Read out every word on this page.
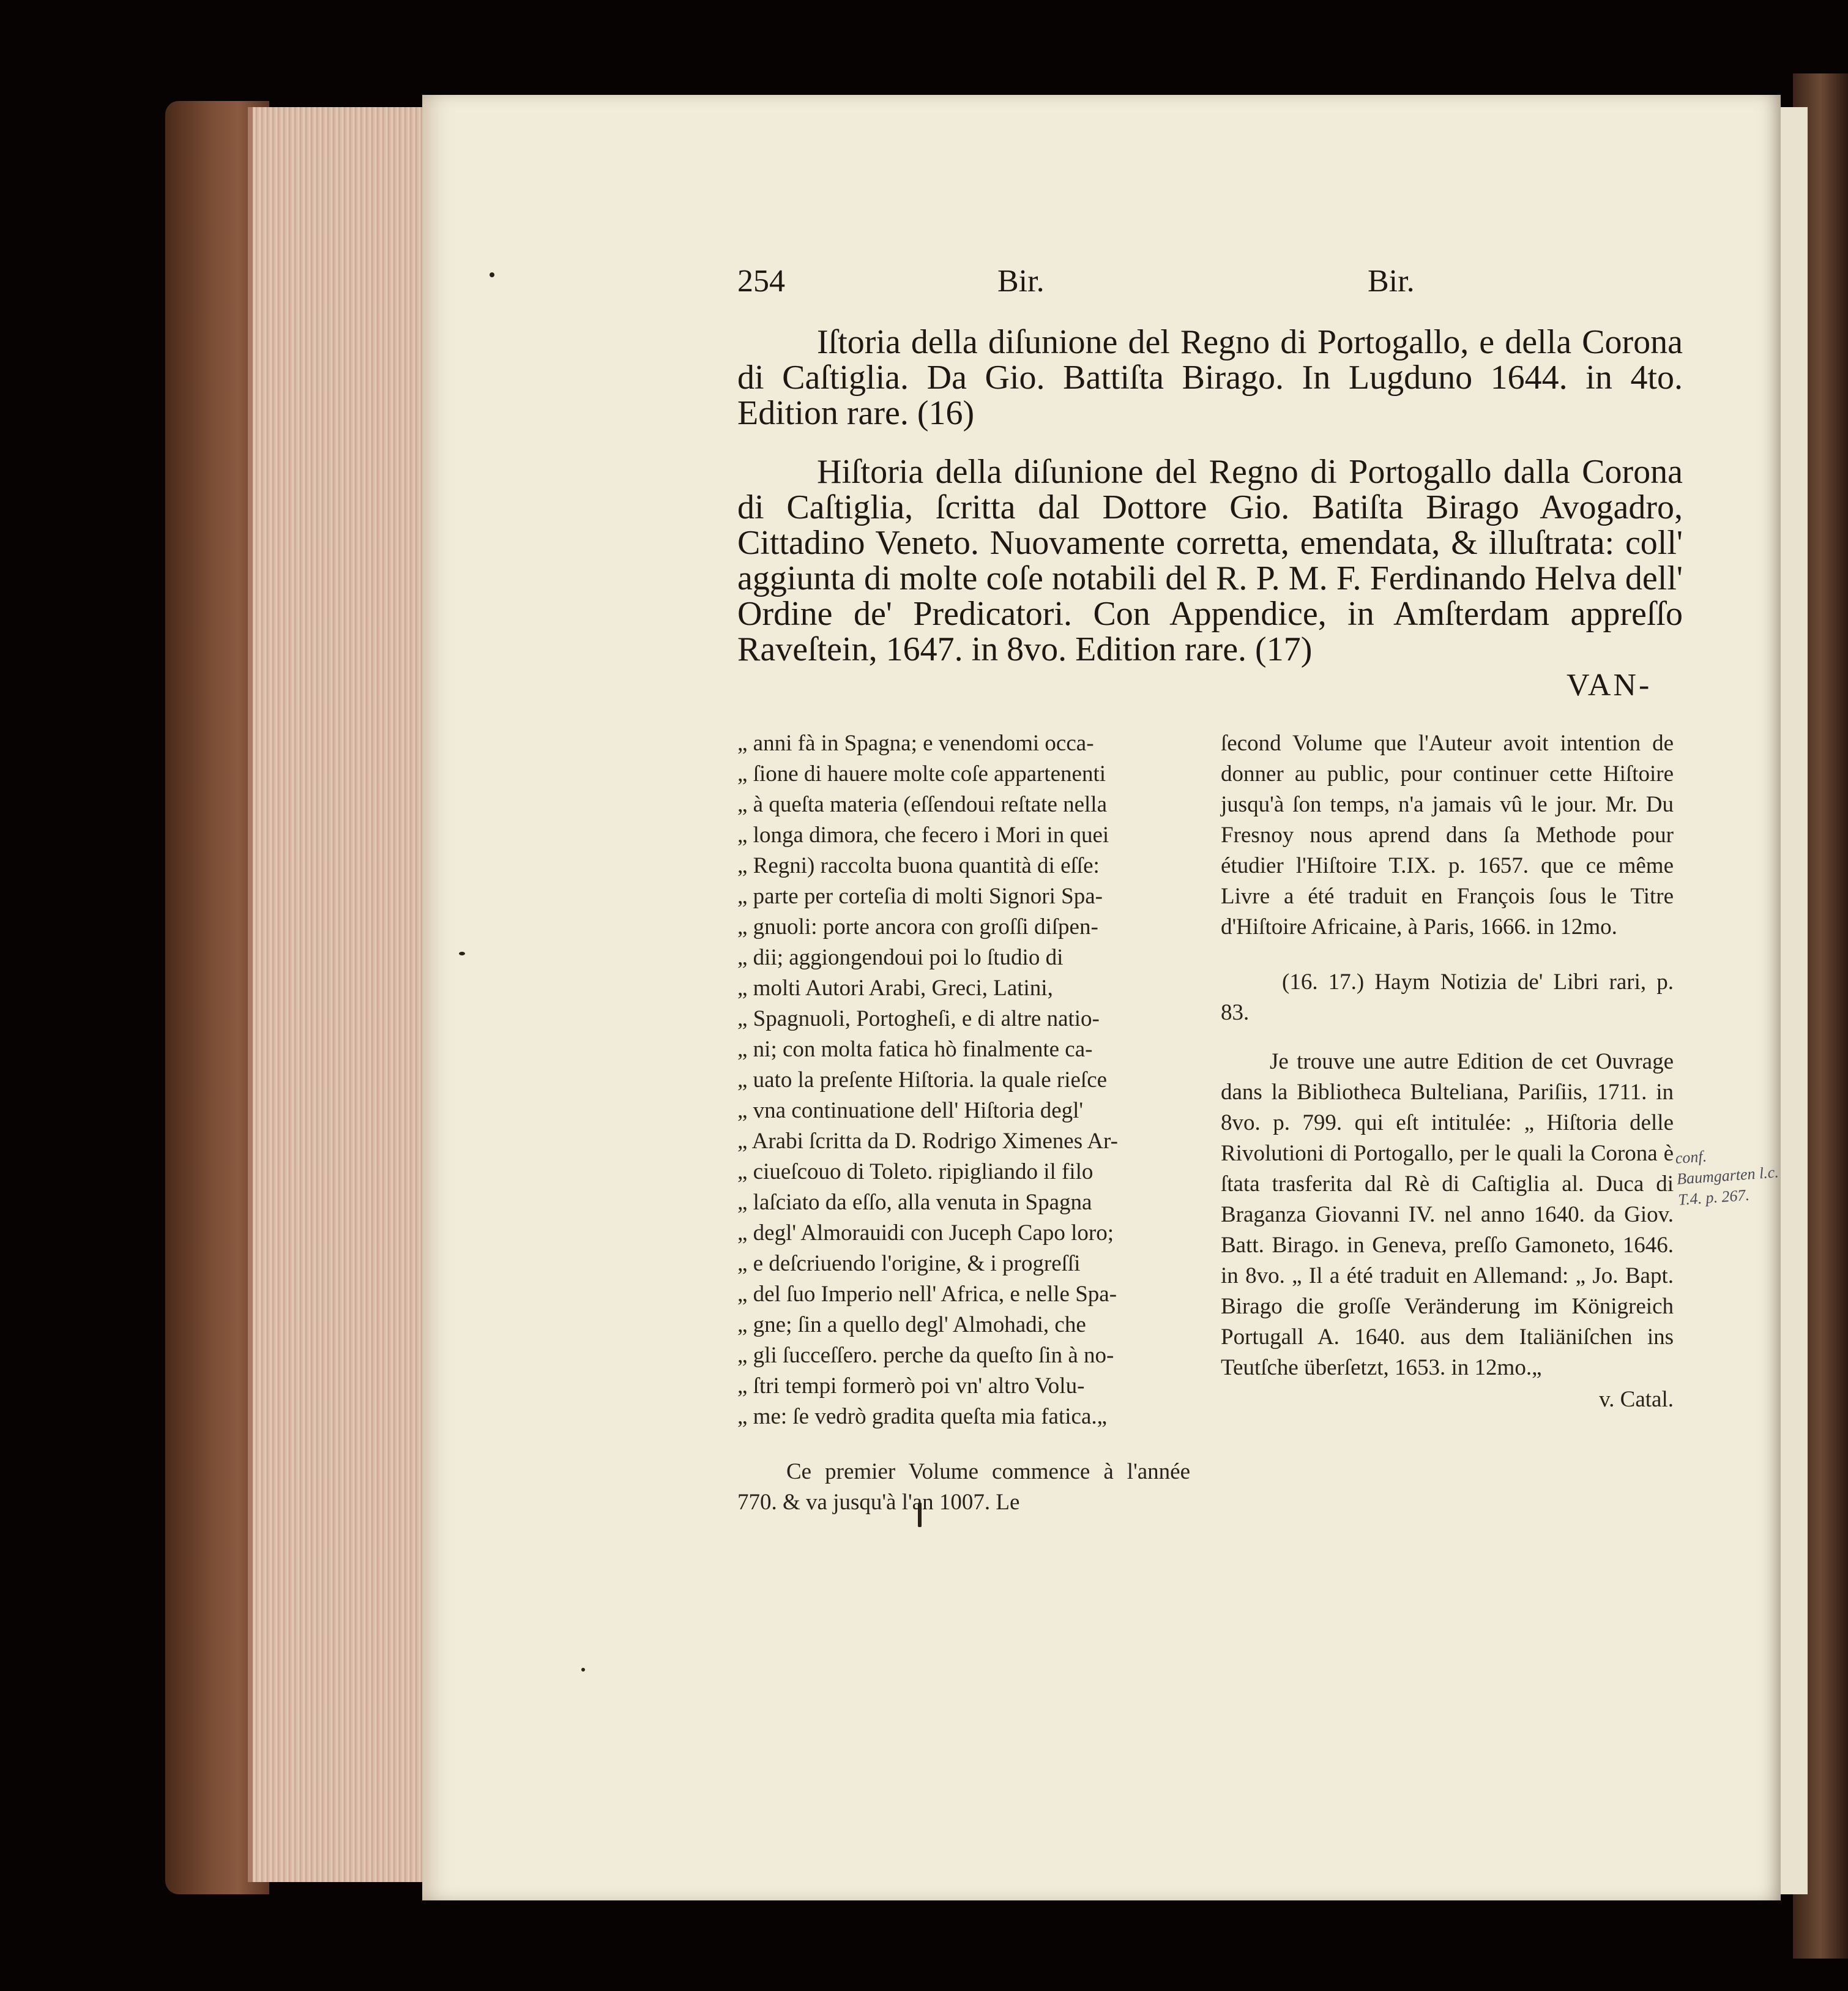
254	Bir.	Bir.

Iſtoria della diſunione del Regno di Portogallo, e della Corona di Caſtiglia. Da Gio. Battiſta Birago. In Lugduno 1644. in 4to. Edition rare. (16)

Hiſtoria della diſunione del Regno di Portogallo dalla Corona di Caſtiglia, ſcritta dal Dottore Gio. Batiſta Birago Avogadro, Cittadino Veneto. Nuovamente corretta, emendata, & illuſtrata: coll' aggiunta di molte coſe notabili del R. P. M. F. Ferdinando Helva dell' Ordine de' Predicatori. Con Appendice, in Amſterdam appreſſo Raveſtein, 1647. in 8vo. Edition rare. (17)

VAN-
„ anni fà in Spagna; e venendomi occa-
„ ſione di hauere molte coſe appartenenti
„ à queſta materia (eſſendoui reſtate nella
„ longa dimora, che fecero i Mori in quei
„ Regni) raccolta buona quantità di eſſe:
„ parte per corteſia di molti Signori Spa-
„ gnuoli: porte ancora con groſſi diſpen-
„ dii; aggiongendoui poi lo ſtudio di
„ molti Autori Arabi, Greci, Latini,
„ Spagnuoli, Portogheſi, e di altre natio-
„ ni; con molta fatica hò finalmente ca-
„ uato la preſente Hiſtoria. la quale rieſce
„ vna continuatione dell' Hiſtoria degl'
„ Arabi ſcritta da D. Rodrigo Ximenes Ar-
„ ciueſcouo di Toleto. ripigliando il filo
„ laſciato da eſſo, alla venuta in Spagna
„ degl' Almorauidi con Juceph Capo loro;
„ e deſcriuendo l'origine, & i progreſſi
„ del ſuo Imperio nell' Africa, e nelle Spa-
„ gne; ſin a quello degl' Almohadi, che
„ gli ſucceſſero. perche da queſto ſin à no-
„ ſtri tempi formerò poi vn' altro Volu-
„ me: ſe vedrò gradita queſta mia fatica.„

Ce premier Volume commence à l'année 770. & va jusqu'à l'an 1007. Le

ſecond Volume que l'Auteur avoit intention de donner au public, pour continuer cette Hiſtoire jusqu'à ſon temps, n'a jamais vû le jour. Mr. Du Fresnoy nous aprend dans ſa Methode pour étudier l'Hiſtoire T.IX. p. 1657. que ce même Livre a été traduit en François ſous le Titre d'Hiſtoire Africaine, à Paris, 1666. in 12mo.

(16. 17.) Haym Notizia de' Libri rari, p. 83.

Je trouve une autre Edition de cet Ouvrage dans la Bibliotheca Bulteliana, Pariſiis, 1711. in 8vo. p. 799. qui eſt intitulée: „ Hiſtoria delle Rivolutioni di Portogallo, per le quali la Corona è ſtata trasferita dal Rè di Caſtiglia al. Duca di Braganza Giovanni IV. nel anno 1640. da Giov. Batt. Birago. in Geneva, preſſo Gamoneto, 1646. in 8vo. „ Il a été traduit en Allemand: „ Jo. Bapt. Birago die groſſe Veränderung im Königreich Portugall A. 1640. aus dem Italiäniſchen ins Teutſche überſetzt, 1653. in 12mo.„

v. Catal.
conf. Baumgarten l.c. T.4. p. 267.
